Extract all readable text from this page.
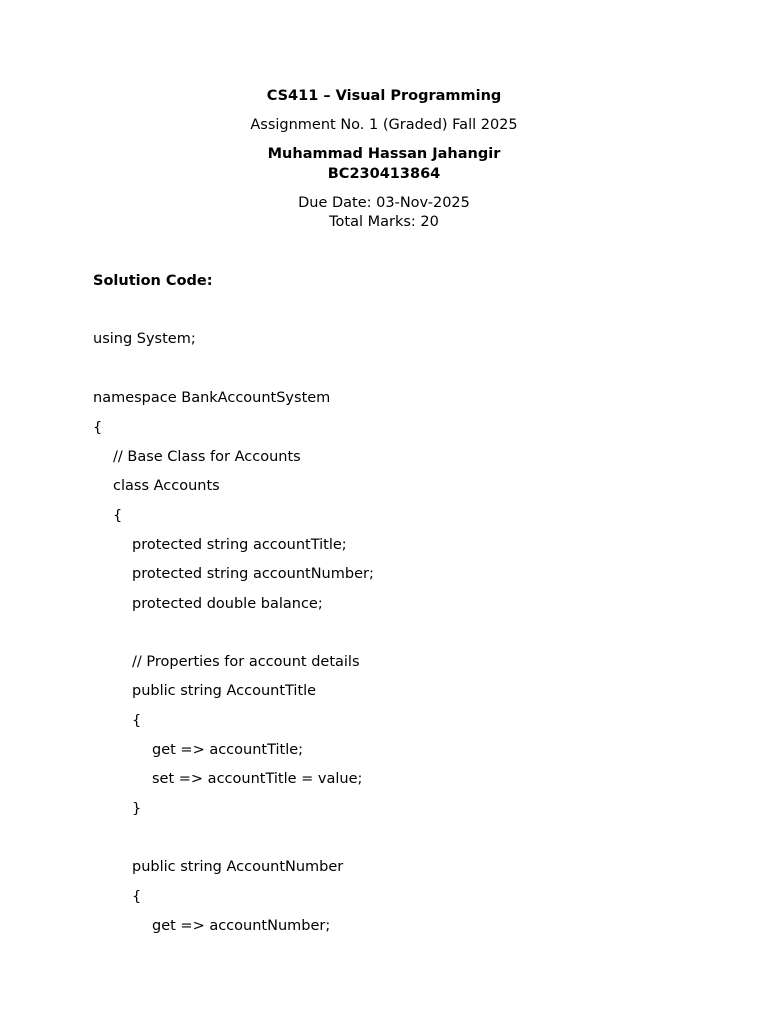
CS411 – Visual Programming
Assignment No. 1 (Graded) Fall 2025
Muhammad Hassan Jahangir
BC230413864
Due Date: 03-Nov-2025
Total Marks: 20
Solution Code:
using System;
namespace BankAccountSystem
{
// Base Class for Accounts
class Accounts
{
protected string accountTitle;
protected string accountNumber;
protected double balance;
// Properties for account details
public string AccountTitle
{
get => accountTitle;
set => accountTitle = value;
}
public string AccountNumber
{
get => accountNumber;
